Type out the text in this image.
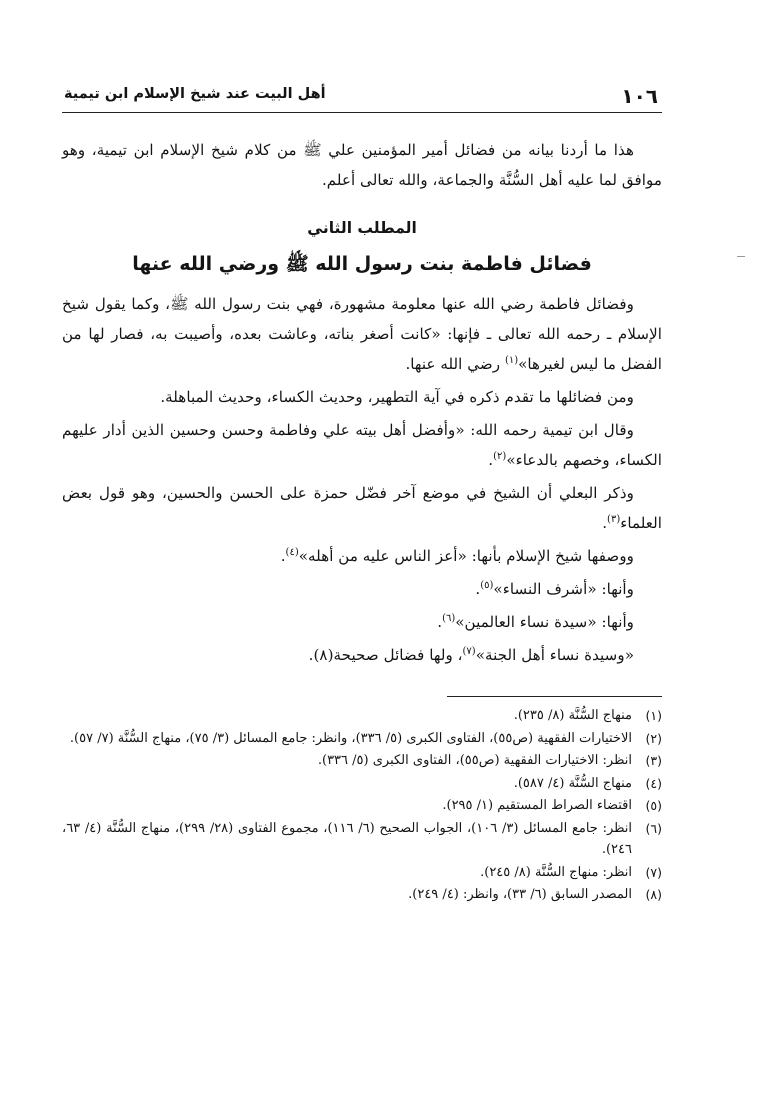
١٠٦
أهل البيت عند شيخ الإسلام ابن تيمية

هذا ما أردنا بيانه من فضائل أمير المؤمنين علي ﷺ من كلام شيخ الإسلام ابن تيمية، وهو موافق لما عليه أهل السُّنَّة والجماعة، والله تعالى أعلم.

المطلب الثاني
فضائل فاطمة بنت رسول الله ﷺ ورضي الله عنها

وفضائل فاطمة رضي الله عنها معلومة مشهورة، فهي بنت رسول الله ﷺ، وكما يقول شيخ الإسلام ـ رحمه الله تعالى ـ فإنها: «كانت أصغر بناته، وعاشت بعده، وأصيبت به، فصار لها من الفضل ما ليس لغيرها»$^{(١)}$ رضي الله عنها.

ومن فضائلها ما تقدم ذكره في آية التطهير، وحديث الكساء، وحديث المباهلة.

وقال ابن تيمية رحمه الله: «وأفضل أهل بيته علي وفاطمة وحسن وحسين الذين أدار عليهم الكساء، وخصهم بالدعاء»$^{(٢)}$.

وذكر البعلي أن الشيخ في موضع آخر فضّل حمزة على الحسن والحسين، وهو قول بعض العلماء$^{(٣)}$.

ووصفها شيخ الإسلام بأنها: «أعز الناس عليه من أهله»$^{(٤)}$.

وأنها: «أشرف النساء»$^{(٥)}$.

وأنها: «سيدة نساء العالمين»$^{(٦)}$.

«وسيدة نساء أهل الجنة»$^{(٧)}$، ولها فضائل صحيحة(٨).

(١)
منهاج السُّنَّة (٨/ ٢٣٥).
(٢)
الاختيارات الفقهية (ص٥٥)، الفتاوى الكبرى (٥/ ٣٣٦)، وانظر: جامع المسائل (٣/ ٧٥)، منهاج السُّنَّة (٧/ ٥٧).
(٣)
انظر: الاختيارات الفقهية (ص٥٥)، الفتاوى الكبرى (٥/ ٣٣٦).
(٤)
منهاج السُّنَّة (٤/ ٥٨٧).
(٥)
اقتضاء الصراط المستقيم (١/ ٢٩٥).
(٦)
انظر: جامع المسائل (٣/ ١٠٦)، الجواب الصحيح (٦/ ١١٦)، مجموع الفتاوى (٢٨/ ٢٩٩)، منهاج السُّنَّة (٤/ ٦٣، ٢٤٦).
(٧)
انظر: منهاج السُّنَّة (٨/ ٢٤٥).
(٨)
المصدر السابق (٦/ ٣٣)، وانظر: (٤/ ٢٤٩).
